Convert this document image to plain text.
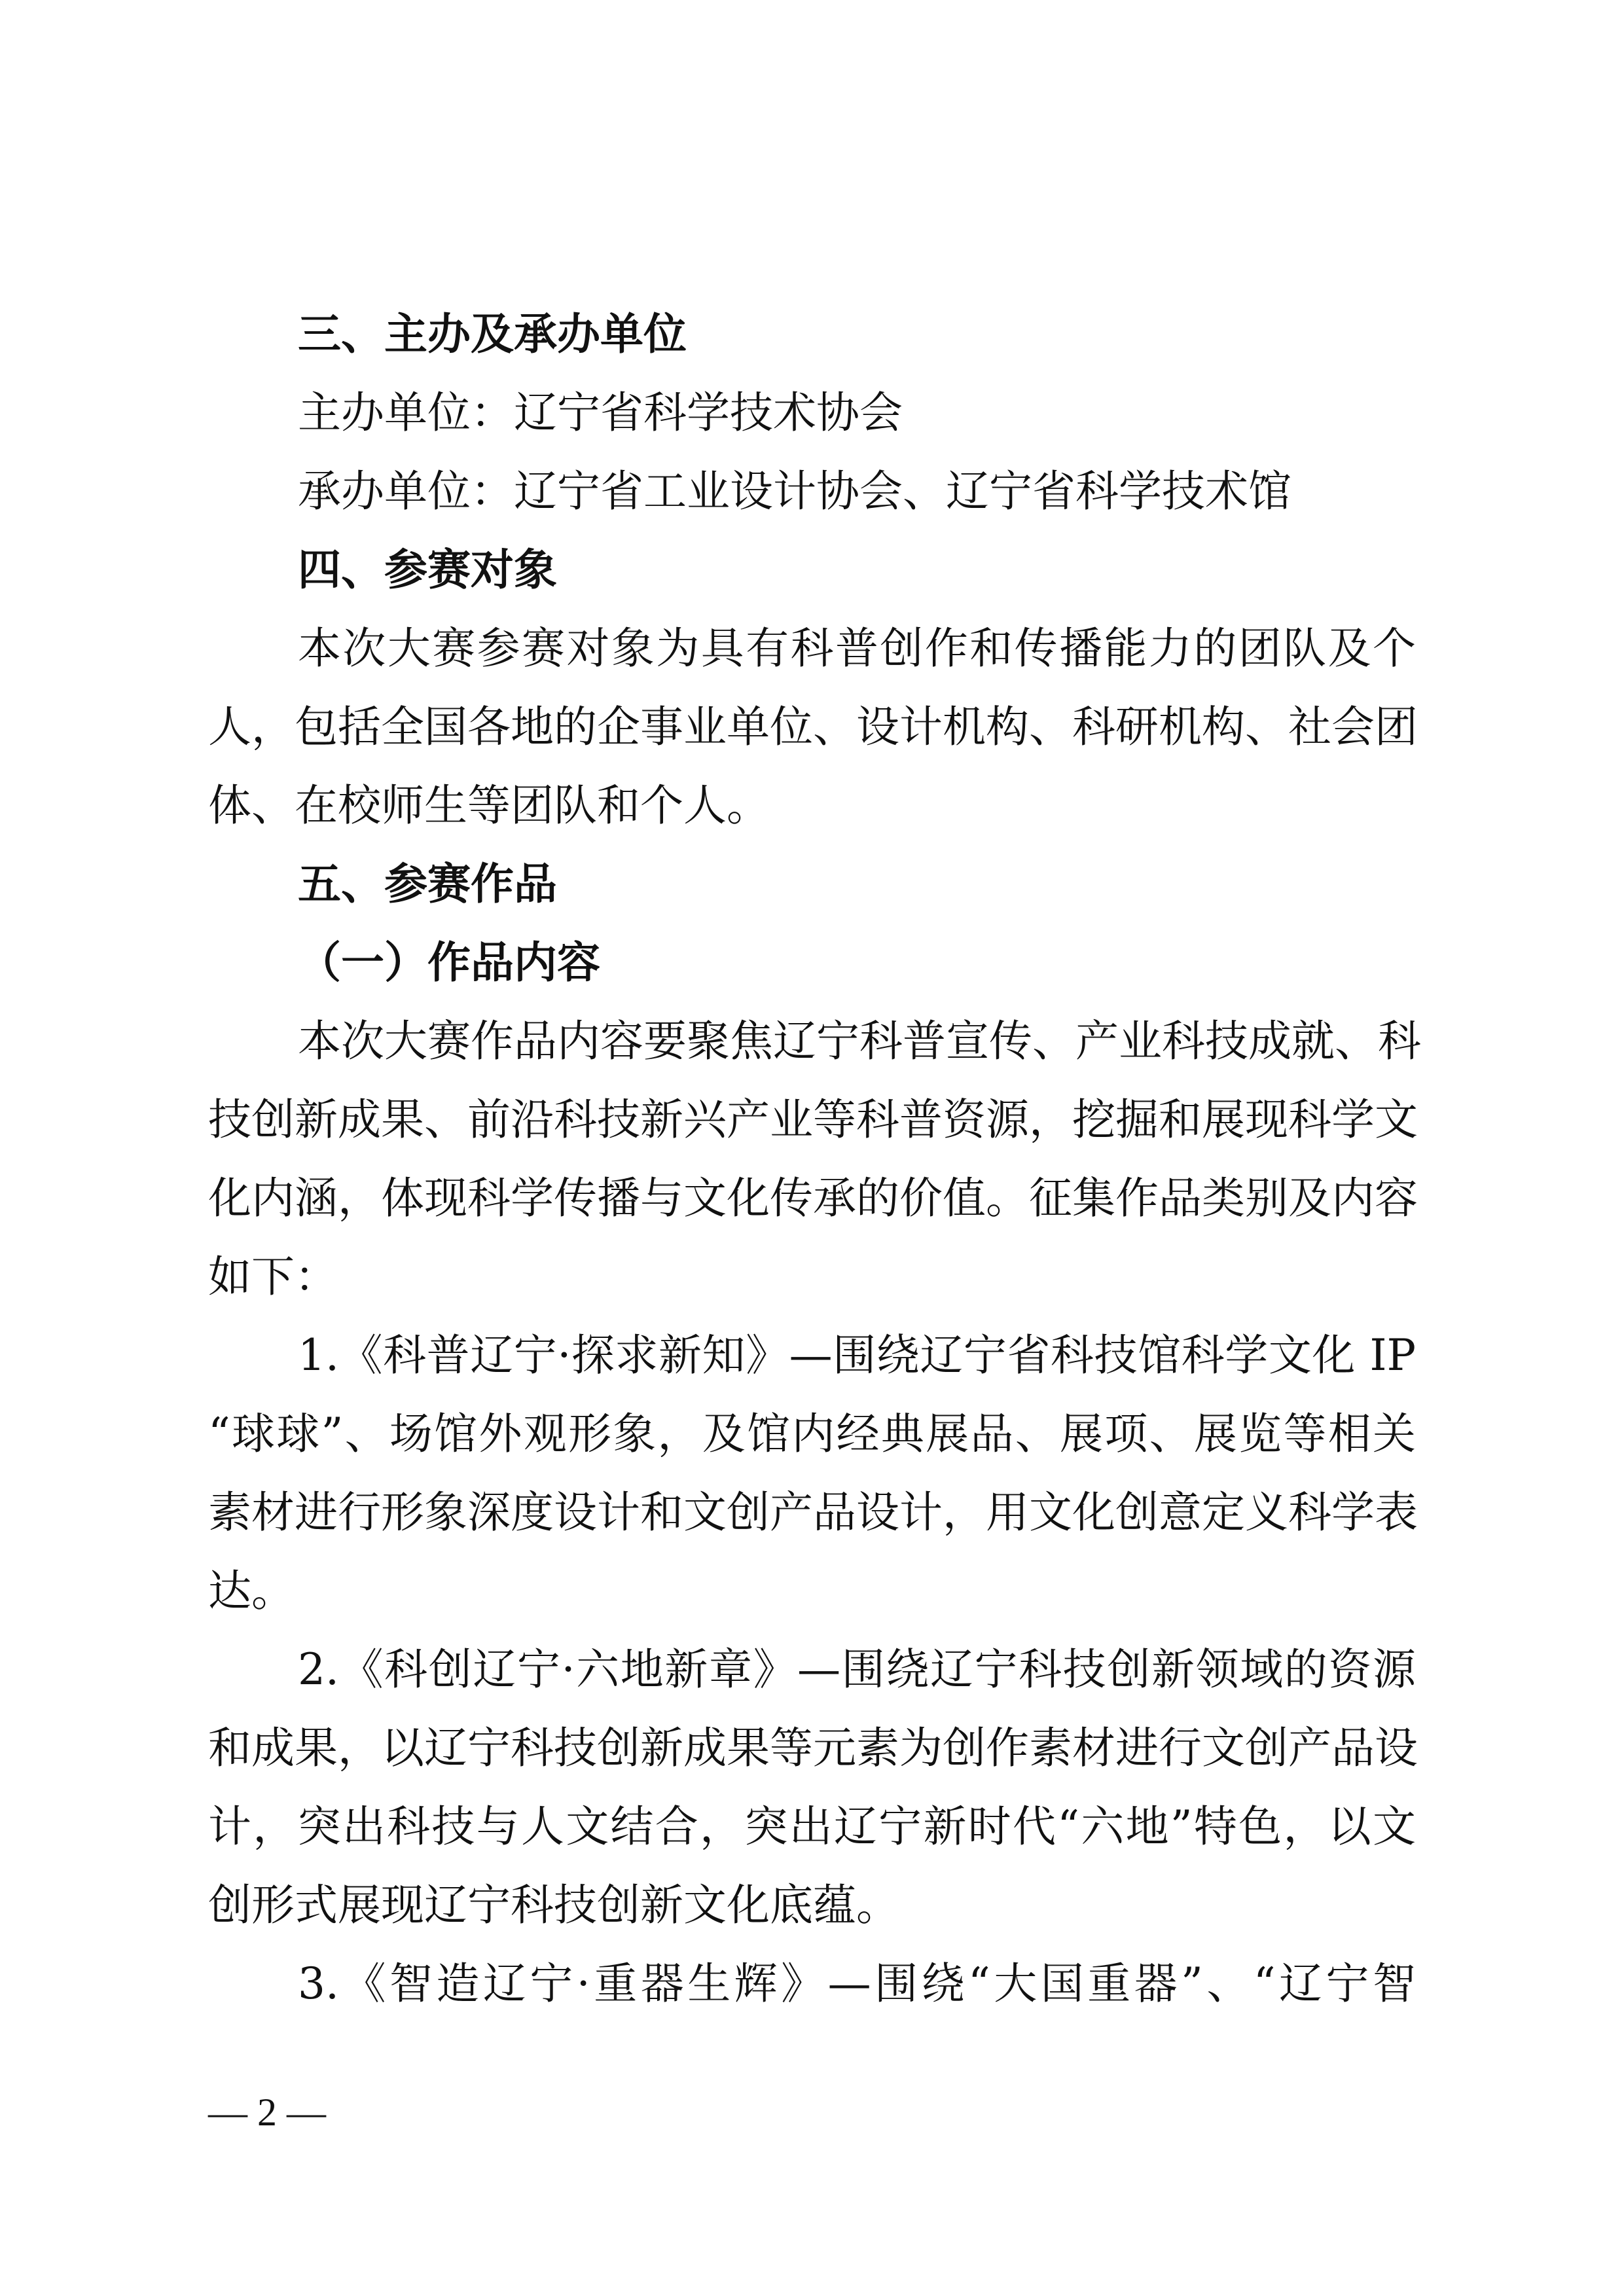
三、主办及承办单位
主办单位：辽宁省科学技术协会
承办单位：辽宁省工业设计协会、辽宁省科学技术馆
四、参赛对象
本次大赛参赛对象为具有科普创作和传播能力的团队及个
人，包括全国各地的企事业单位、设计机构、科研机构、社会团
体、在校师生等团队和个人。
五、参赛作品
（一）作品内容
本次大赛作品内容要聚焦辽宁科普宣传、产业科技成就、科
技创新成果、前沿科技新兴产业等科普资源，挖掘和展现科学文
化内涵，体现科学传播与文化传承的价值。征集作品类别及内容
如下：
1.《科普辽宁·探求新知》—围绕辽宁省科技馆科学文化 IP
“球球”、场馆外观形象，及馆内经典展品、展项、展览等相关
素材进行形象深度设计和文创产品设计，用文化创意定义科学表
达。
2.《科创辽宁·六地新章》—围绕辽宁科技创新领域的资源
和成果，以辽宁科技创新成果等元素为创作素材进行文创产品设
计，突出科技与人文结合，突出辽宁新时代“六地”特色，以文
创形式展现辽宁科技创新文化底蕴。
3.《智造辽宁·重器生辉》—围绕“大国重器”、“辽宁智
— 2 —
